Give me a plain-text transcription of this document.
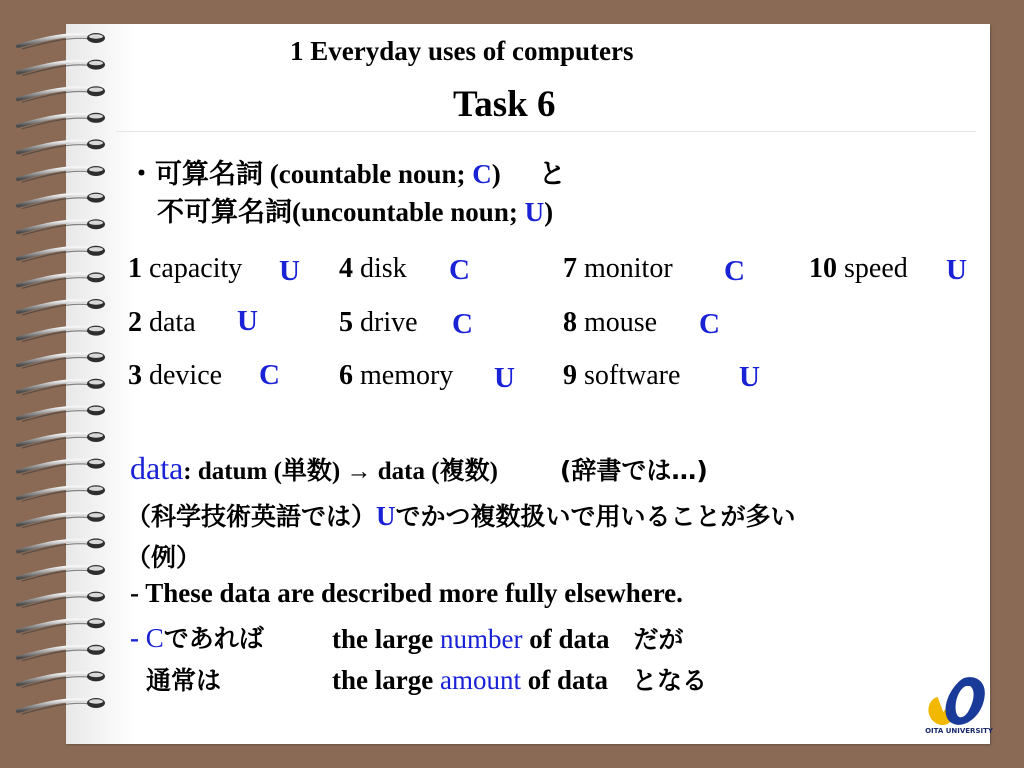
1 Everyday uses of computers
Task 6
・可算名詞 (countable noun; C) と
不可算名詞(uncountable noun; U)
1 capacity U
2 data U
3 device C
4 disk C
5 drive C
6 memory U
7 monitor C
8 mouse C
9 software U
10 speed U
data: datum (単数) → data (複数) (辞書では…)
（科学技術英語では）Uでかつ複数扱いで用いることが多い
（例）
- These data are described more fully elsewhere.
- Cであれば	the large number of data だが
通常は	the large amount of data となる
OITA UNIVERSITY
